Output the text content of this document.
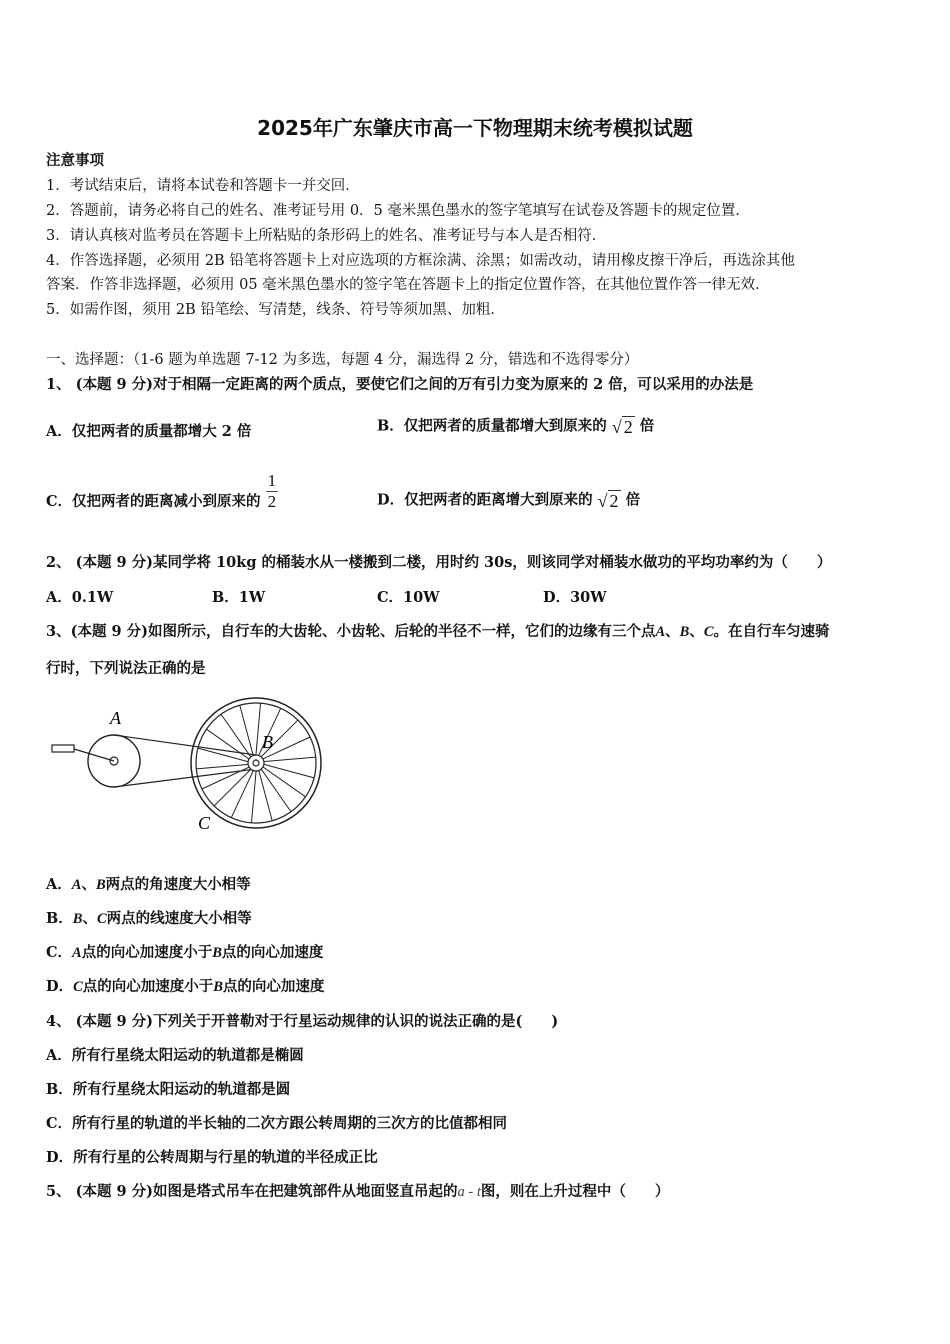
2025年广东肇庆市高一下物理期末统考模拟试题
注意事项
1．考试结束后，请将本试卷和答题卡一并交回．
2．答题前，请务必将自己的姓名、准考证号用 0．5 毫米黑色墨水的签字笔填写在试卷及答题卡的规定位置．
3．请认真核对监考员在答题卡上所粘贴的条形码上的姓名、准考证号与本人是否相符．
4．作答选择题，必须用 2B 铅笔将答题卡上对应选项的方框涂满、涂黑；如需改动，请用橡皮擦干净后，再选涂其他
答案．作答非选择题，必须用 05 毫米黑色墨水的签字笔在答题卡上的指定位置作答，在其他位置作答一律无效．
5．如需作图，须用 2B 铅笔绘、写清楚，线条、符号等须加黑、加粗．
一、选择题：（1-6 题为单选题 7-12 为多选，每题 4 分，漏选得 2 分，错选和不选得零分）
1、 (本题 9 分)对于相隔一定距离的两个质点，要使它们之间的万有引力变为原来的 2 倍，可以采用的办法是
A．仅把两者的质量都增大 2 倍	B．仅把两者的质量都增大到原来的 √ 2 倍
C．仅把两者的距离减小到原来的 $\frac{1}{2}$	D．仅把两者的距离增大到原来的 √ 2 倍
2、 (本题 9 分)某同学将 10kg 的桶装水从一楼搬到二楼，用时约 30s，则该同学对桶装水做功的平均功率约为（　　）
A．0.1W	B．1W	C．10W	D．30W
3、(本题 9 分)如图所示，自行车的大齿轮、小齿轮、后轮的半径不一样，它们的边缘有三个点A、B、C。在自行车匀速骑
行时，下列说法正确的是
A
B
C
A．A、B两点的角速度大小相等
B．B、C两点的线速度大小相等
C．A点的向心加速度小于B点的向心加速度
D．C点的向心加速度小于B点的向心加速度
4、 (本题 9 分)下列关于开普勒对于行星运动规律的认识的说法正确的是(　　)
A．所有行星绕太阳运动的轨道都是椭圆
B．所有行星绕太阳运动的轨道都是圆
C．所有行星的轨道的半长轴的二次方跟公转周期的三次方的比值都相同
D．所有行星的公转周期与行星的轨道的半径成正比
5、 (本题 9 分)如图是塔式吊车在把建筑部件从地面竖直吊起的a - t图，则在上升过程中（　　）
